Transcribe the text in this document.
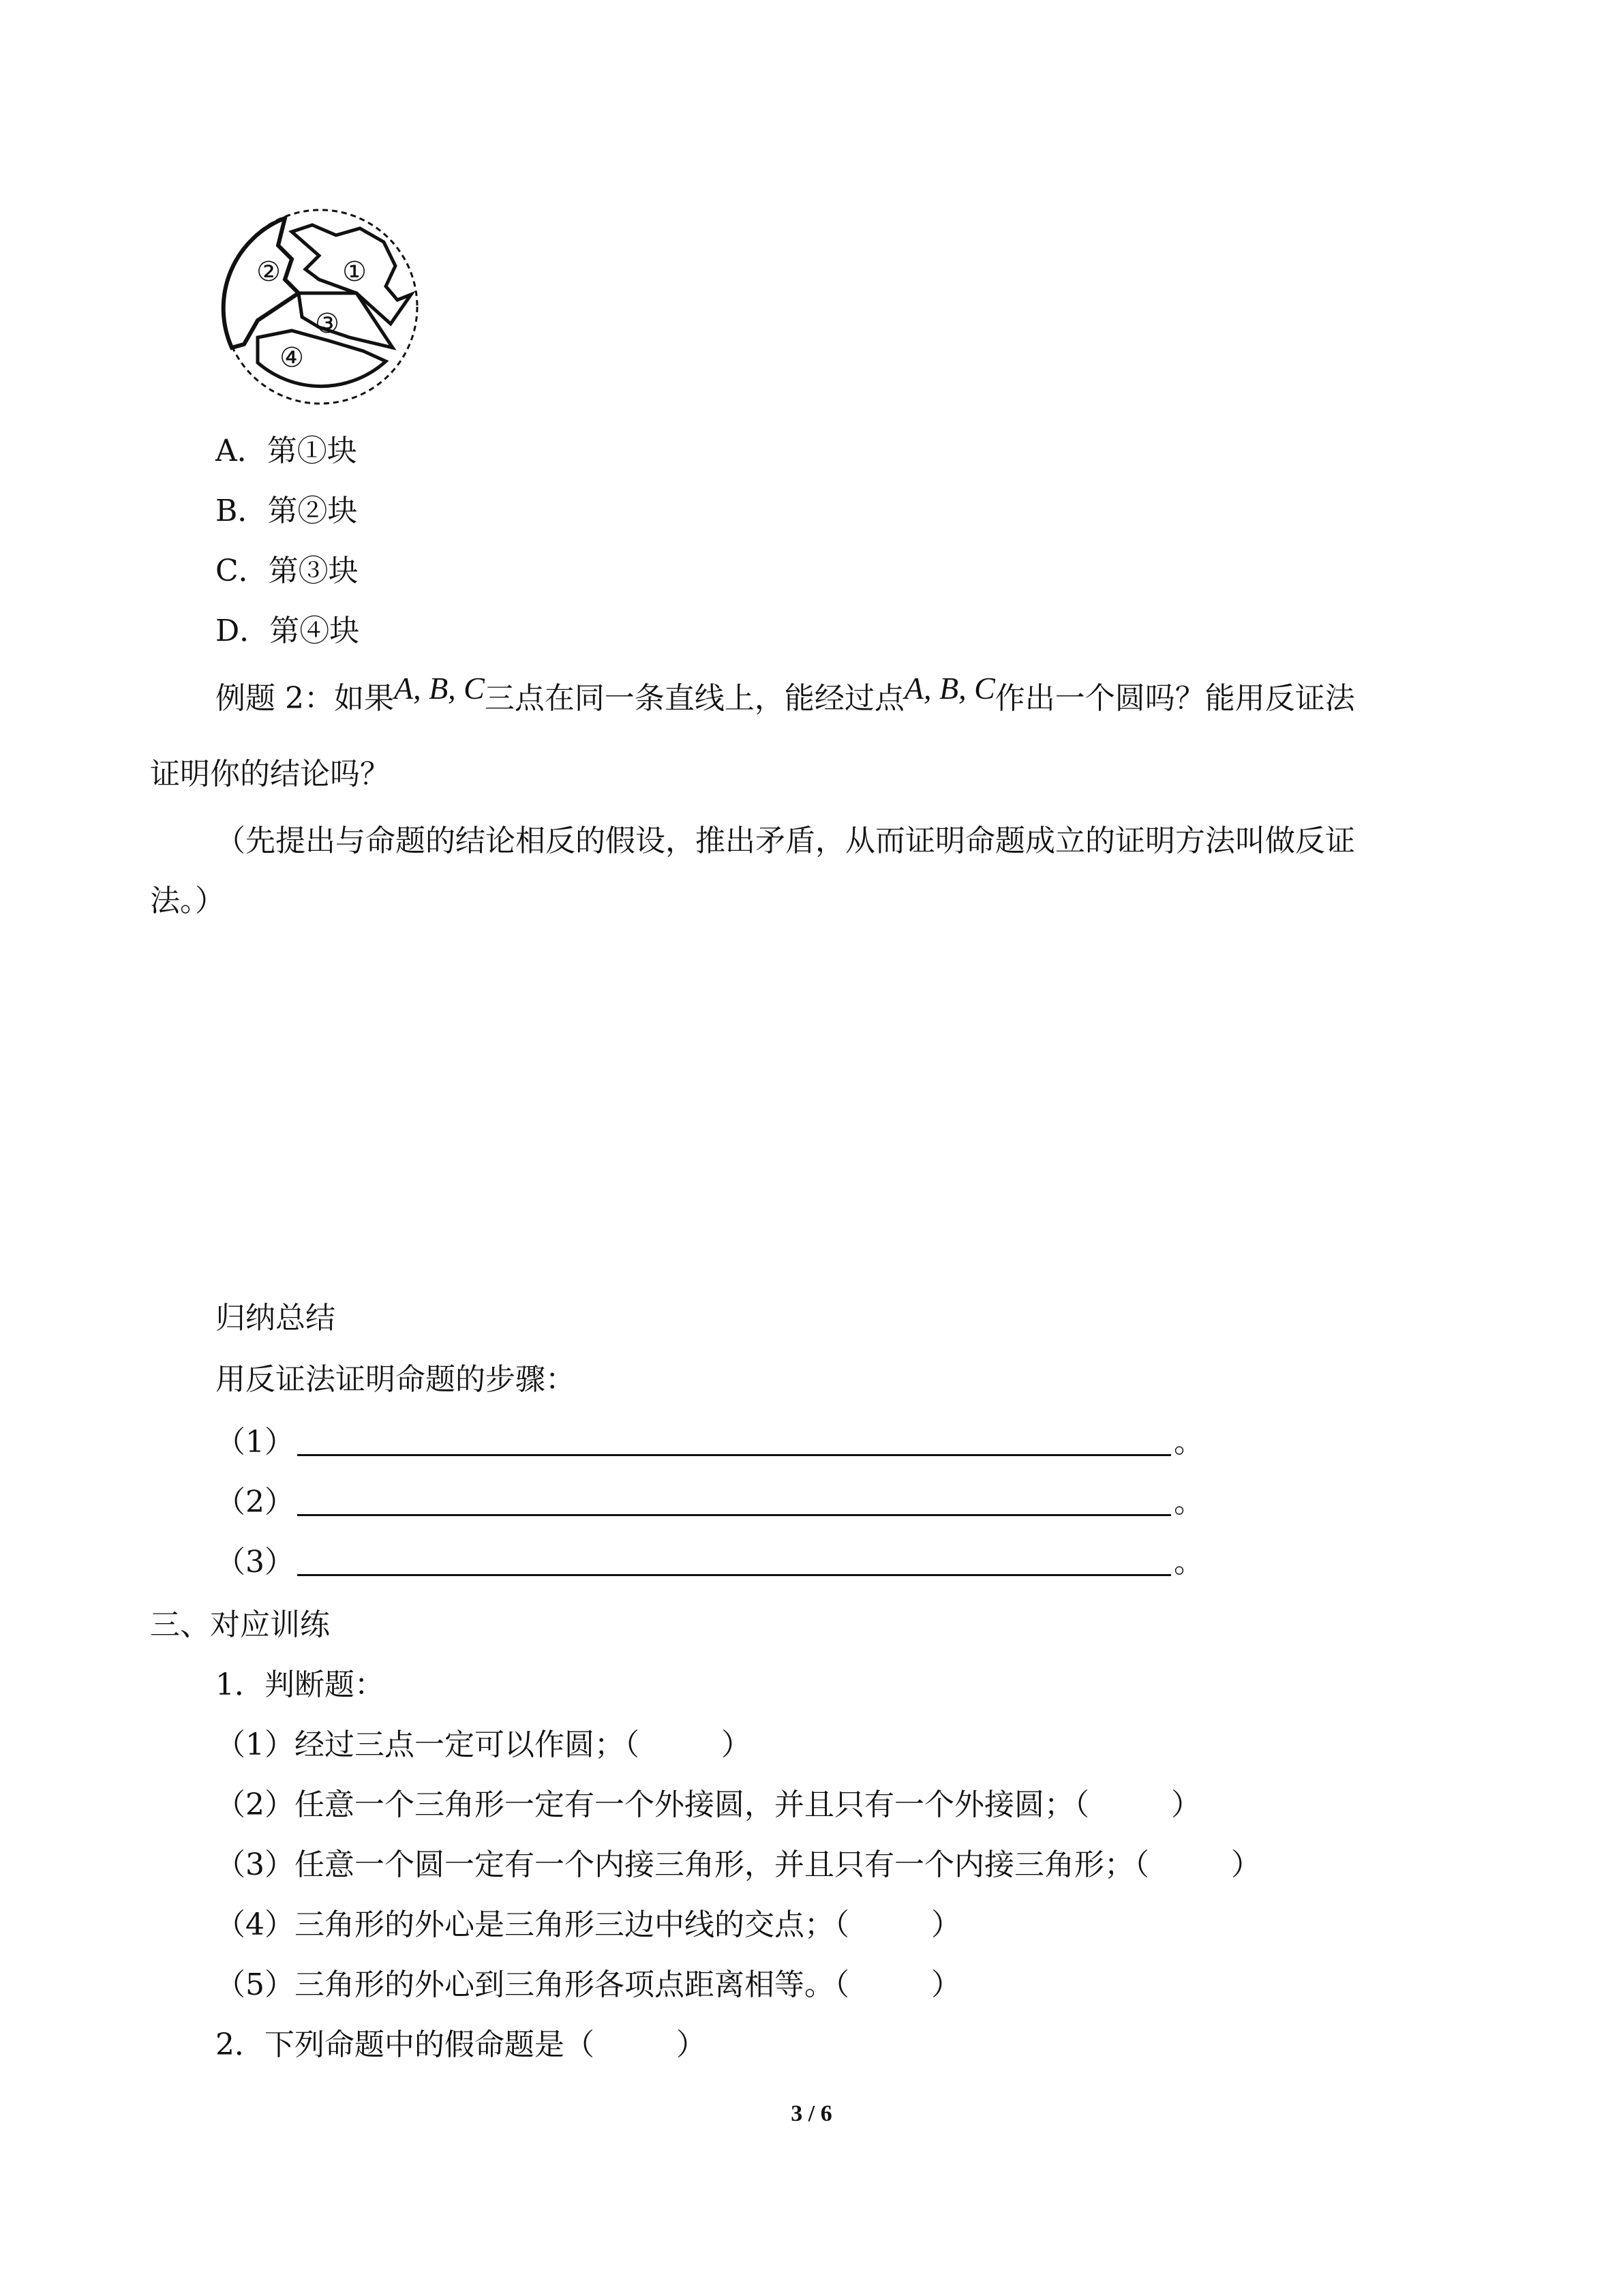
② ①
③
④
A．第①块
B．第②块
C．第③块
D．第④块
例题 2：如果A, B, C三点在同一条直线上，能经过点A, B, C作出一个圆吗？能用反证法
证明你的结论吗？
（先提出与命题的结论相反的假设，推出矛盾，从而证明命题成立的证明方法叫做反证
法。）
归纳总结
用反证法证明命题的步骤：
（1）	。
（2）	。
（3）	。
三、对应训练
1．判断题：
（1）经过三点一定可以作圆；（	）
（2）任意一个三角形一定有一个外接圆，并且只有一个外接圆；（	）
（3）任意一个圆一定有一个内接三角形，并且只有一个内接三角形；（	）
（4）三角形的外心是三角形三边中线的交点；（	）
（5）三角形的外心到三角形各项点距离相等。（	）
2．下列命题中的假命题是（	）
3 / 6
